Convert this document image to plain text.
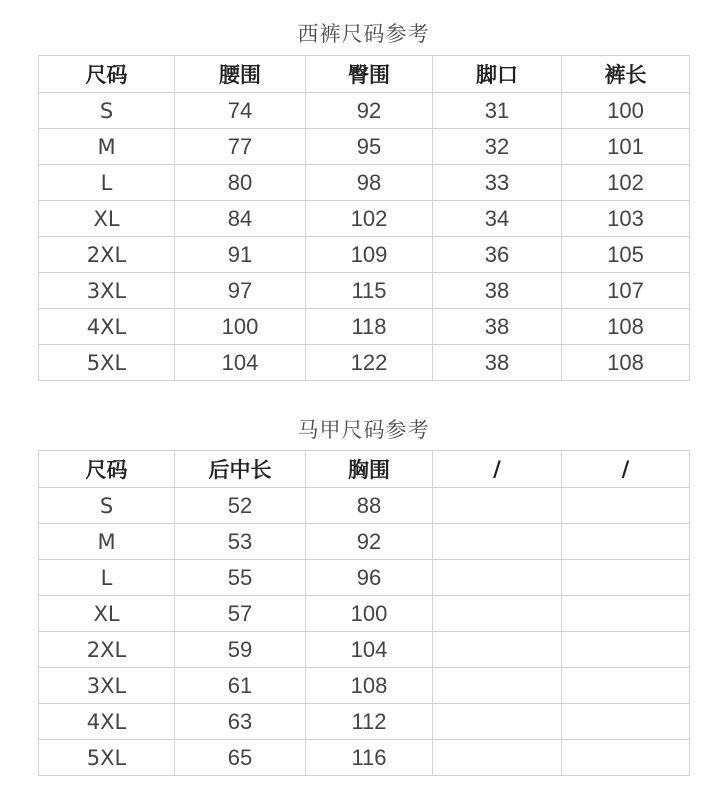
西裤尺码参考
尺码	腰围	臀围	脚口	裤长
S	74	92	31	100
M	77	95	32	101
L	80	98	33	102
XL	84	102	34	103
2XL	91	109	36	105
3XL	97	115	38	107
4XL	100	118	38	108
5XL	104	122	38	108
马甲尺码参考
尺码	后中长	胸围	/	/
S	52	88		
M	53	92		
L	55	96		
XL	57	100		
2XL	59	104		
3XL	61	108		
4XL	63	112		
5XL	65	116		
